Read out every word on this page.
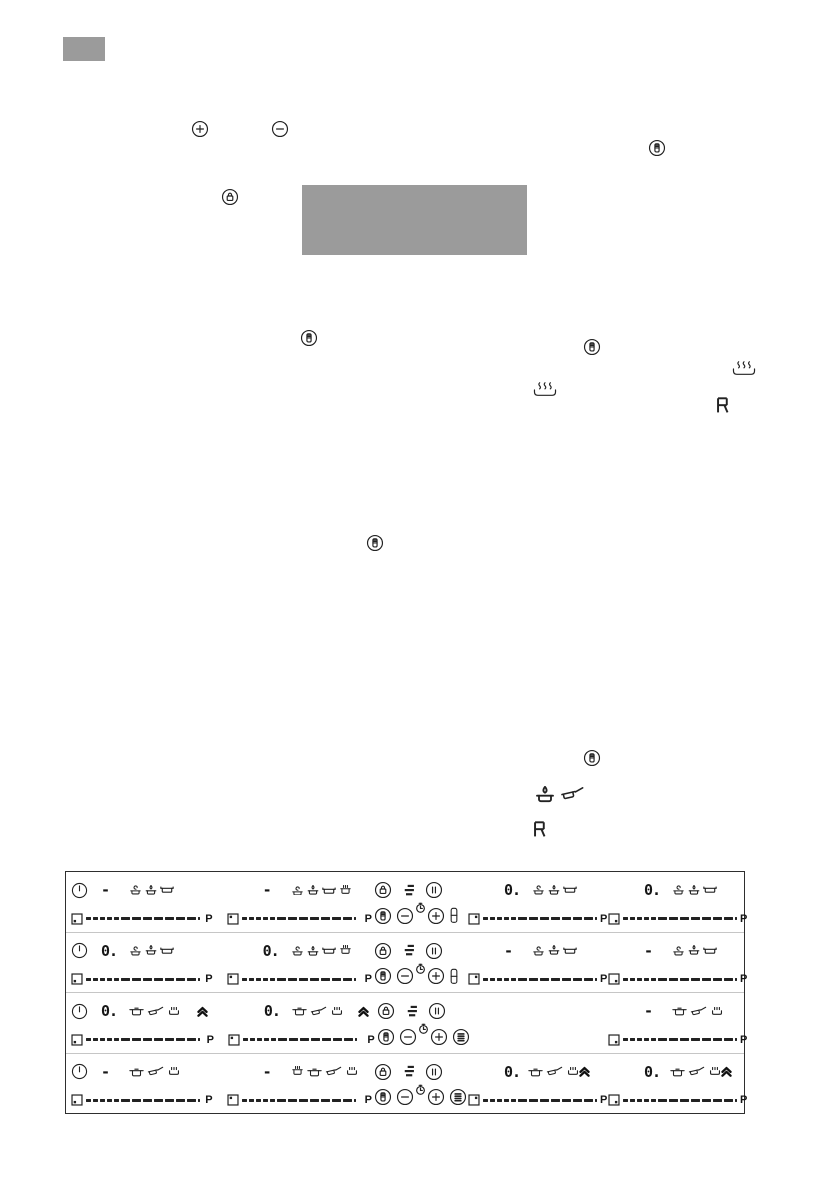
-
P
-
P
0.
P
0.
P
0.
P
0.
P
-
P
-
P
0.
P
0.
P
-
P
-
P
-
P
0.
P
0.
P
